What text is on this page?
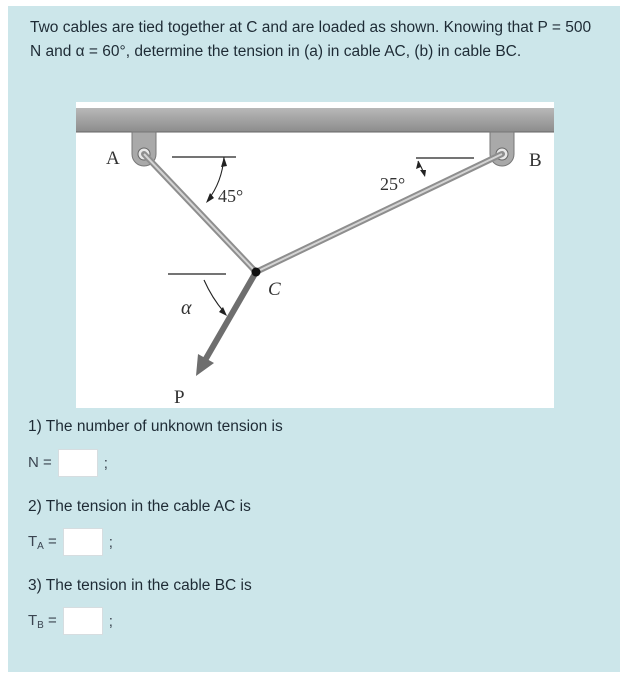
Two cables are tied together at C and are loaded as shown. Knowing that P = 500 N and α = 60°, determine the tension in (a) in cable AC, (b) in cable BC.
A	B
C
P
α
45°
25°
1) The number of unknown tension is
N =	;
2) The tension in the cable AC is
$T_A$ =	;
3) The tension in the cable BC is
$T_B$ =	;
